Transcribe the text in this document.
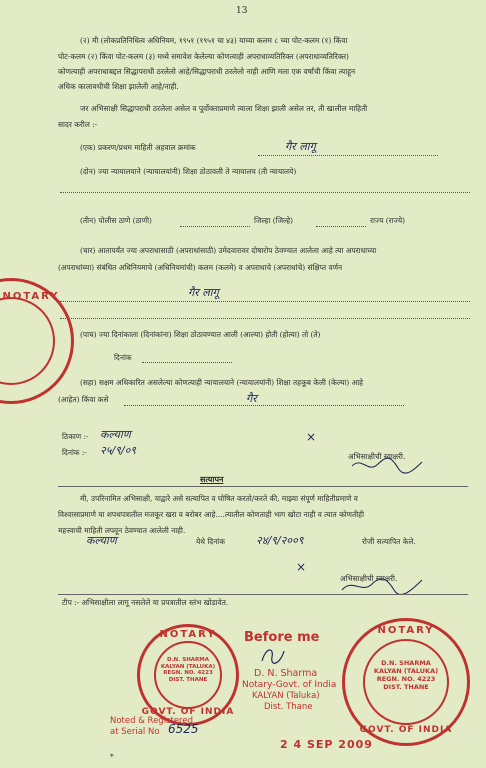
13
(२) मी (लोकप्रतिनिधित्व अधिनियम, १९५१ (१९५१ चा ४३) याच्या कलम ८ च्या पोट-कलम (१) किंवा
पोट-कलम (२) किंवा पोट-कलम (३) मध्ये समावेश केलेल्या कोणत्याही अपराधाव्यतिरिक्त (अपराधाव्यतिरिक्त)
कोणत्याही अपराधाबद्दल सिद्धापराधी ठरलेलो आहे/सिद्धापराधी ठरलेलो नाही आणि मला एक वर्षांची किंवा त्याहून
अधिक कालावधीची शिक्षा झालेली आहे/नाही.
जर अभिसाक्षी सिद्धापराधी ठरलेला असेल व पूर्वोक्ताप्रमाणे त्याला शिक्षा झाली असेल तर, ती खालील माहिती
सादर करील :-
(एक) प्रकरण/प्रथम माहिती अहवाल क्रमांक	गैर लागू
(दोन) ज्या न्यायालयाने (न्यायालयांनी) शिक्षा ठोठावली ते न्यायालय (ती न्यायालये)
(तीन) पोलीस ठाणे (ठाणी)	जिल्हा (जिल्हे)	राज्य (राज्ये)
(चार) आतापर्यंत ज्या अपराधासाठी (अपराधांसाठी) उमेदवारावर दोषारोप ठेवण्यात आलेला आहे त्या अपराधाच्या
(अपराधांच्या) संबंधित अधिनियमाचे (अधिनियमांची) कलम (कलमे) व अपराधाचे (अपराधांचे) संक्षिप्त वर्णन
गैर लागू
(पाच) ज्या दिनांकाला (दिनांकांना) शिक्षा ठोठावण्यात आली (आल्या) होती (होत्या) तो (ते)
दिनांक
(सहा) सक्षम अधिकारित असलेल्या कोणत्याही न्यायालयाने (न्यायालयांनी) शिक्षा तहकूब केली (केल्या) आहे
(आहेत) किंवा कसे	गैर
ठिकाण :- कल्याण
दिनांक :- २५/९/०९
×
अभिसाक्षीची स्वाक्षरी.
सत्यापन
मी, उपरिनामित अभिसाक्षी, याद्वारे असे सत्यापित व घोषित करतो/करते की, माझ्या संपूर्ण माहितीप्रमाणे व
विश्वासाप्रमाणे या शपथपत्रातील मजकूर खरा व बरोबर आहे....त्यातील कोणताही भाग खोटा नाही व त्यात कोणतीही
महत्त्वाची माहिती लपवून ठेवण्यात आलेली नाही.
कल्याण	येथे दिनांक	२४/९/२००९	रोजी सत्यापित केले.
×
अभिसाक्षीची स्वाक्षरी.
टीप :- अभिसाक्षीला लागू नसलेले या प्रपत्रातील स्तंभ खोडावेत.
NOTARY
NOTARY
D.N. SHARMA
KALYAN (TALUKA)
REGN. NO. 4223
DIST. THANE
GOVT. OF INDIA
Before me
D. N. Sharma
Notary-Govt. of India
KALYAN (Taluka)
Dist. Thane
Noted & Registered
at Serial No 6525
2 4 SEP 2009
NOTARY
D.N. SHARMA
KALYAN (TALUKA)
REGN. NO. 4223
DIST. THANE
GOVT. OF INDIA
*
